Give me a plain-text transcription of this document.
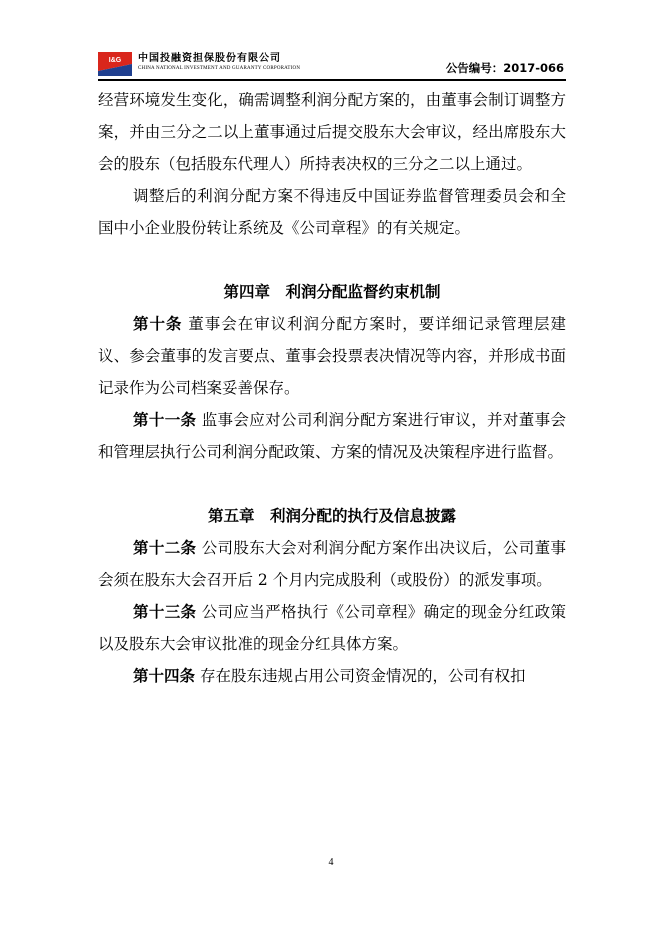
I&G 中国投融资担保股份有限公司
CHINA NATIONAL INVESTMENT AND GUARANTY CORPORATION	公告编号：2017-066

经营环境发生变化，确需调整利润分配方案的，由董事会制订调整方案，并由三分之二以上董事通过后提交股东大会审议，经出席股东大会的股东（包括股东代理人）所持表决权的三分之二以上通过。

调整后的利润分配方案不得违反中国证券监督管理委员会和全国中小企业股份转让系统及《公司章程》的有关规定。

第四章　利润分配监督约束机制

第十条 董事会在审议利润分配方案时，要详细记录管理层建议、参会董事的发言要点、董事会投票表决情况等内容，并形成书面记录作为公司档案妥善保存。

第十一条 监事会应对公司利润分配方案进行审议，并对董事会和管理层执行公司利润分配政策、方案的情况及决策程序进行监督。

第五章　利润分配的执行及信息披露

第十二条 公司股东大会对利润分配方案作出决议后，公司董事会须在股东大会召开后 2 个月内完成股利（或股份）的派发事项。

第十三条 公司应当严格执行《公司章程》确定的现金分红政策以及股东大会审议批准的现金分红具体方案。

第十四条 存在股东违规占用公司资金情况的，公司有权扣

4
